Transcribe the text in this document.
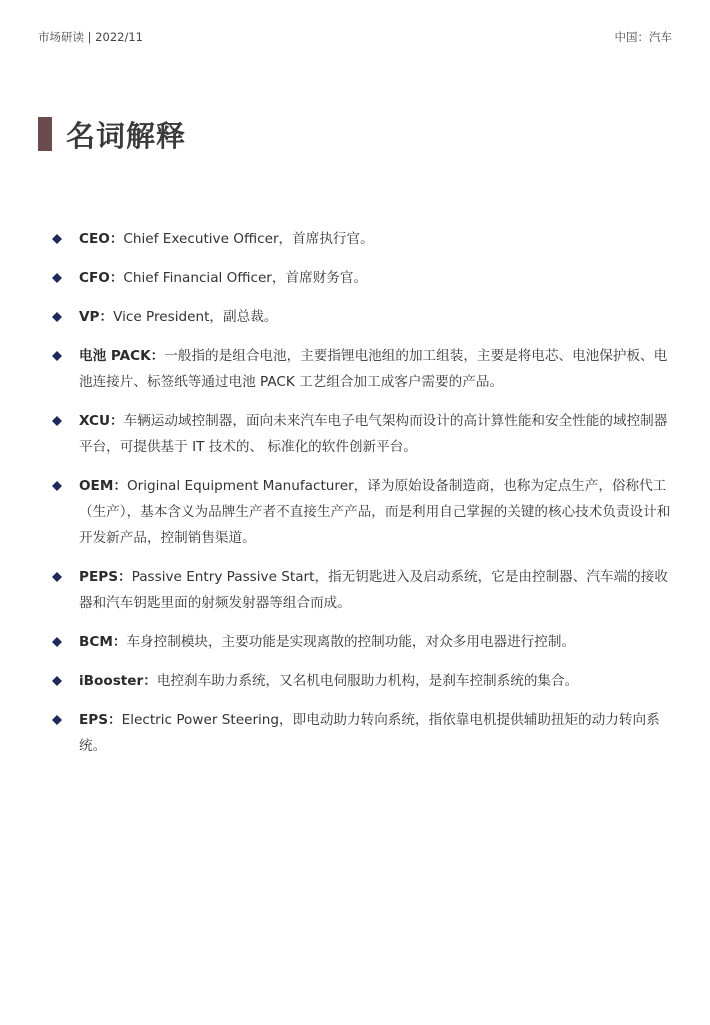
市场研读 | 2022/11	中国：汽车
名词解释
CEO：Chief Executive Officer，首席执行官。
CFO：Chief Financial Officer，首席财务官。
VP：Vice President，副总裁。
电池 PACK：一般指的是组合电池，主要指锂电池组的加工组装，主要是将电芯、电池保护板、电池连接片、标签纸等通过电池 PACK 工艺组合加工成客户需要的产品。
XCU：车辆运动域控制器，面向未来汽车电子电气架构而设计的高计算性能和安全性能的域控制器平台，可提供基于 IT 技术的、 标准化的软件创新平台。
OEM：Original Equipment Manufacturer，译为原始设备制造商，也称为定点生产，俗称代工（生产），基本含义为品牌生产者不直接生产产品，而是利用自己掌握的关键的核心技术负责设计和开发新产品，控制销售渠道。
PEPS：Passive Entry Passive Start，指无钥匙进入及启动系统，它是由控制器、汽车端的接收器和汽车钥匙里面的射频发射器等组合而成。
BCM：车身控制模块，主要功能是实现离散的控制功能，对众多用电器进行控制。
iBooster：电控刹车助力系统，又名机电伺服助力机构，是刹车控制系统的集合。
EPS：Electric Power Steering，即电动助力转向系统，指依靠电机提供辅助扭矩的动力转向系统。
